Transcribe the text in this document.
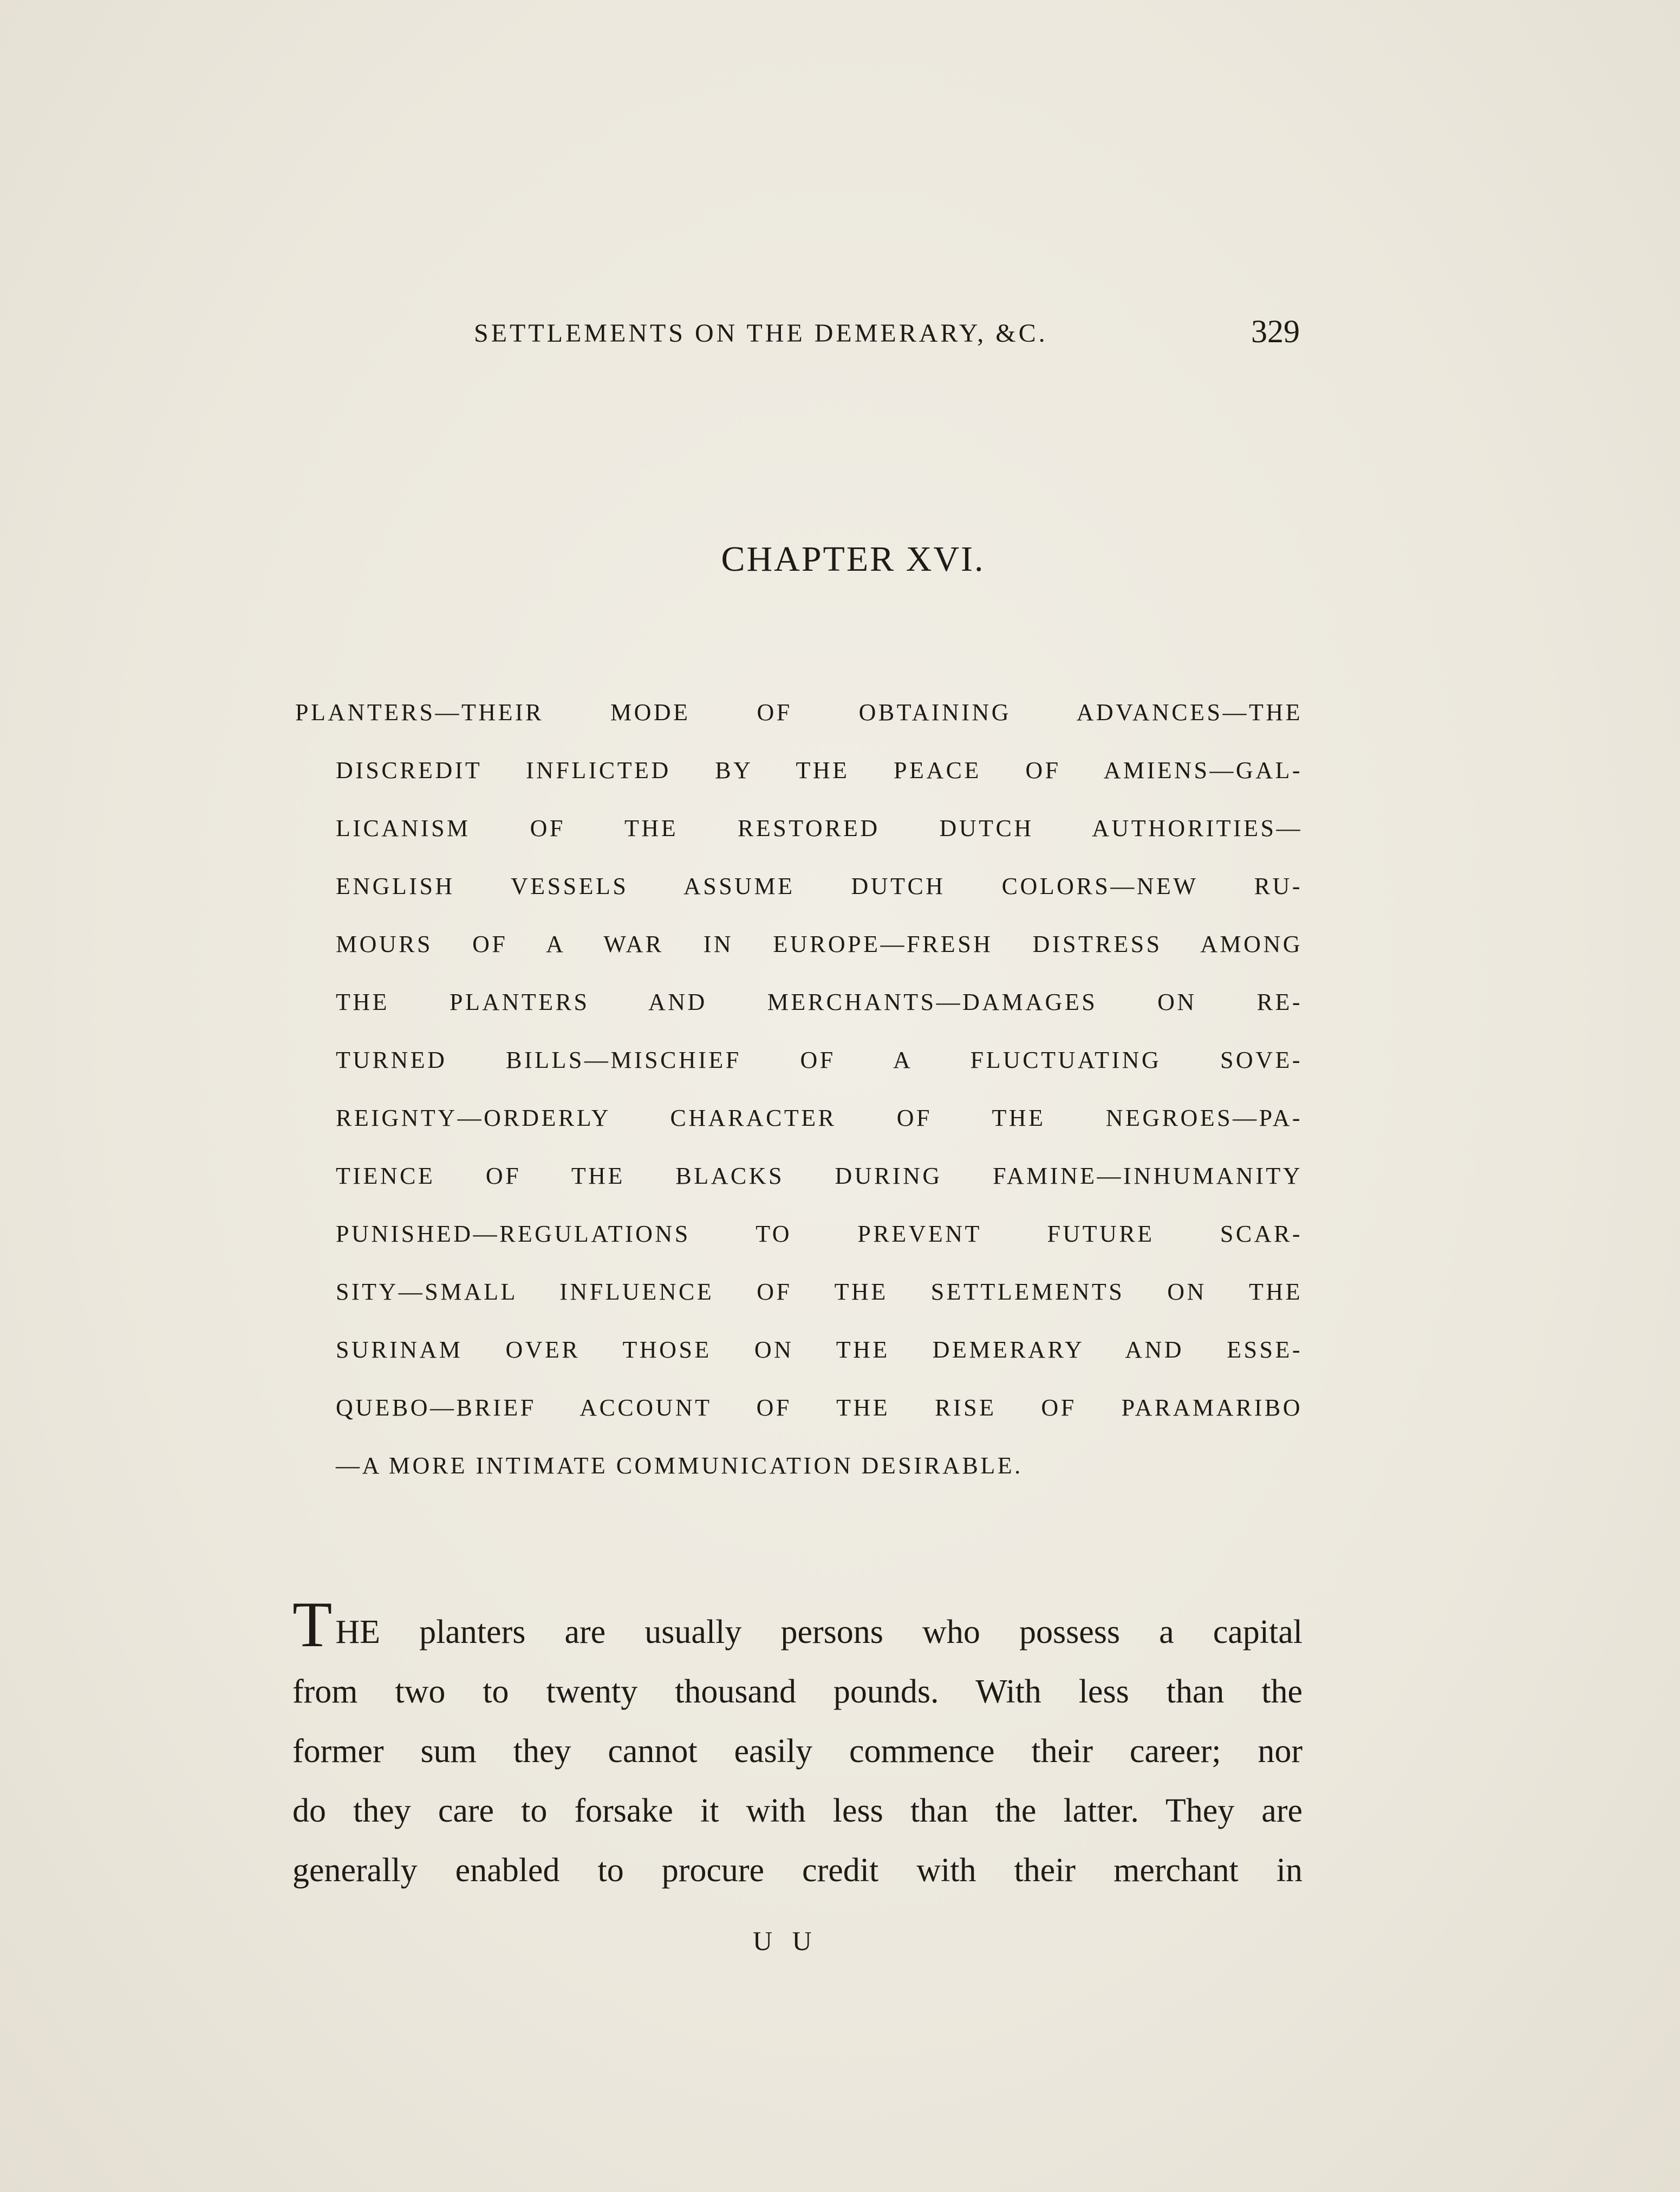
SETTLEMENTS ON THE DEMERARY, &C.	329
CHAPTER XVI.
PLANTERS—THEIR MODE OF OBTAINING ADVANCES—THE
DISCREDIT INFLICTED BY THE PEACE OF AMIENS—GAL-
LICANISM OF THE RESTORED DUTCH AUTHORITIES—
ENGLISH VESSELS ASSUME DUTCH COLORS—NEW RU-
MOURS OF A WAR IN EUROPE—FRESH DISTRESS AMONG
THE PLANTERS AND MERCHANTS—DAMAGES ON RE-
TURNED BILLS—MISCHIEF OF A FLUCTUATING SOVE-
REIGNTY—ORDERLY CHARACTER OF THE NEGROES—PA-
TIENCE OF THE BLACKS DURING FAMINE—INHUMANITY
PUNISHED—REGULATIONS TO PREVENT FUTURE SCAR-
SITY—SMALL INFLUENCE OF THE SETTLEMENTS ON THE
SURINAM OVER THOSE ON THE DEMERARY AND ESSE-
QUEBO—BRIEF ACCOUNT OF THE RISE OF PARAMARIBO
—A MORE INTIMATE COMMUNICATION DESIRABLE.
THE planters are usually persons who possess a capital
from two to twenty thousand pounds. With less than the
former sum they cannot easily commence their career; nor
do they care to forsake it with less than the latter. They are
generally enabled to procure credit with their merchant in
U U
